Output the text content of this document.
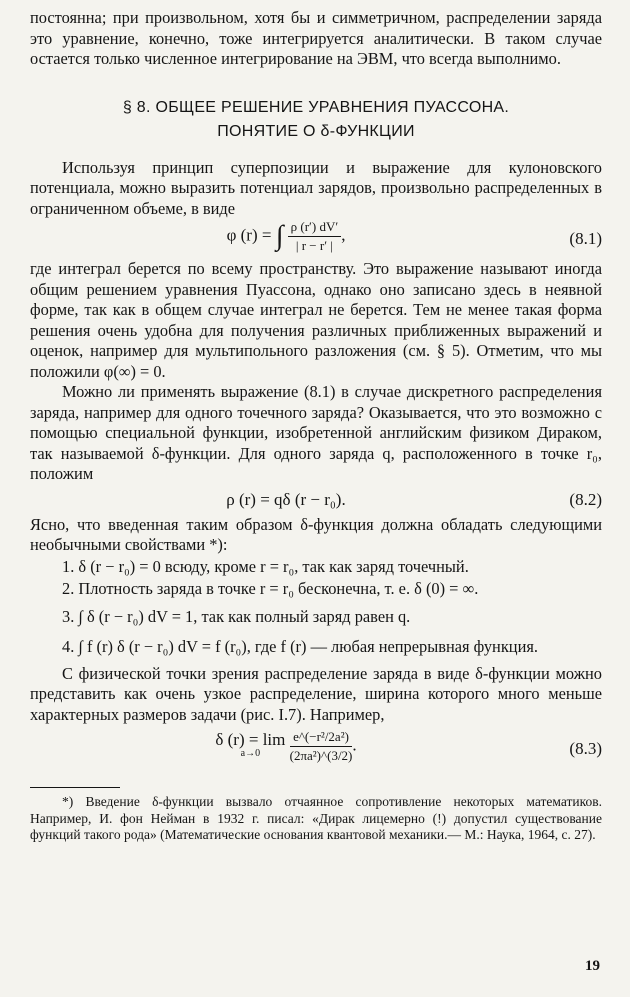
постоянна; при произвольном, хотя бы и симметричном, распределении заряда это уравнение, конечно, тоже интегрируется аналитически. В таком случае остается только численное интегрирование на ЭВМ, что всегда выполнимо.

§ 8. ОБЩЕЕ РЕШЕНИЕ УРАВНЕНИЯ ПУАССОНА.

ПОНЯТИЕ О δ-ФУНКЦИИ

Используя принцип суперпозиции и выражение для кулоновского потенциала, можно выразить потенциал зарядов, произвольно распределенных в ограниченном объеме, в виде

φ (r) = ∫ $\frac{\rho (r') dV'}{| r - r' |}$ ,	(8.1)

где интеграл берется по всему пространству. Это выражение называют иногда общим решением уравнения Пуассона, однако оно записано здесь в неявной форме, так как в общем случае интеграл не берется. Тем не менее такая форма решения очень удобна для получения различных приближенных выражений и оценок, например для мультипольного разложения (см. § 5). Отметим, что мы положили φ(∞) = 0.

Можно ли применять выражение (8.1) в случае дискретного распределения заряда, например для одного точечного заряда? Оказывается, что это возможно с помощью специальной функции, изобретенной английским физиком Дираком, так называемой δ-функции. Для одного заряда q, расположенного в точке r₀, положим

ρ (r) = qδ (r − r₀).	(8.2)

Ясно, что введенная таким образом δ-функция должна обладать следующими необычными свойствами *):

1. δ (r − r₀) = 0 всюду, кроме r = r₀, так как заряд точечный.

2. Плотность заряда в точке r = r₀ бесконечна, т. е. δ (0) = ∞.

3. ∫ δ (r − r₀) dV = 1, так как полный заряд равен q.

4. ∫ f (r) δ (r − r₀) dV = f (r₀), где f (r) — любая непрерывная функция.

С физической точки зрения распределение заряда в виде δ-функции можно представить как очень узкое распределение, ширина которого много меньше характерных размеров задачи (рис. I.7). Например,

δ (r) = lim
a→0
	$\frac{\text{e\textasciicircum{}(−r²/2a²)}}{\text{(2πa²)\textasciicircum{}(3/2)}}$ .	(8.3)

*) Введение δ-функции вызвало отчаянное сопротивление некоторых математиков. Например, И. фон Нейман в 1932 г. писал: «Дирак лицемерно (!) допустил существование функций такого рода» (Математические основания квантовой механики.— М.: Наука, 1964, с. 27).

19
